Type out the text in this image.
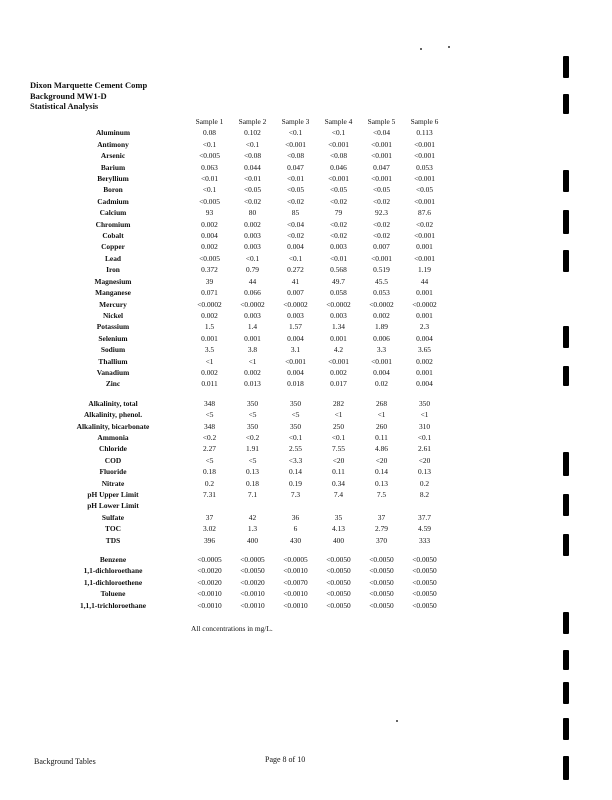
Dixon Marquette Cement Comp
Background MW1-D
Statistical Analysis
	Sample 1	Sample 2	Sample 3	Sample 4	Sample 5	Sample 6
Aluminum	0.08	0.102	<0.1	<0.1	<0.04	0.113
Antimony	<0.1	<0.1	<0.001	<0.001	<0.001	<0.001
Arsenic	<0.005	<0.08	<0.08	<0.08	<0.001	<0.001
Barium	0.063	0.044	0.047	0.046	0.047	0.053
Beryllium	<0.01	<0.01	<0.01	<0.001	<0.001	<0.001
Boron	<0.1	<0.05	<0.05	<0.05	<0.05	<0.05
Cadmium	<0.005	<0.02	<0.02	<0.02	<0.02	<0.001
Calcium	93	80	85	79	92.3	87.6
Chromium	0.002	0.002	<0.04	<0.02	<0.02	<0.02
Cobalt	0.004	0.003	<0.02	<0.02	<0.02	<0.001
Copper	0.002	0.003	0.004	0.003	0.007	0.001
Lead	<0.005	<0.1	<0.1	<0.01	<0.001	<0.001
Iron	0.372	0.79	0.272	0.568	0.519	1.19
Magnesium	39	44	41	49.7	45.5	44
Manganese	0.071	0.066	0.007	0.058	0.053	0.001
Mercury	<0.0002	<0.0002	<0.0002	<0.0002	<0.0002	<0.0002
Nickel	0.002	0.003	0.003	0.003	0.002	0.001
Potassium	1.5	1.4	1.57	1.34	1.89	2.3
Selenium	0.001	0.001	0.004	0.001	0.006	0.004
Sodium	3.5	3.8	3.1	4.2	3.3	3.65
Thallium	<1	<1	<0.001	<0.001	<0.001	0.002
Vanadium	0.002	0.002	0.004	0.002	0.004	0.001
Zinc	0.011	0.013	0.018	0.017	0.02	0.004

Alkalinity, total	348	350	350	282	268	350
Alkalinity, phenol.	<5	<5	<5	<1	<1	<1
Alkalinity, bicarbonate	348	350	350	250	260	310
Ammonia	<0.2	<0.2	<0.1	<0.1	0.11	<0.1
Chloride	2.27	1.91	2.55	7.55	4.86	2.61
COD	<5	<5	<3.3	<20	<20	<20
Fluoride	0.18	0.13	0.14	0.11	0.14	0.13
Nitrate	0.2	0.18	0.19	0.34	0.13	0.2
pH Upper Limit	7.31	7.1	7.3	7.4	7.5	8.2
pH Lower Limit						
Sulfate	37	42	36	35	37	37.7
TOC	3.02	1.3	6	4.13	2.79	4.59
TDS	396	400	430	400	370	333

Benzene	<0.0005	<0.0005	<0.0005	<0.0050	<0.0050	<0.0050
1,1-dichloroethane	<0.0020	<0.0050	<0.0010	<0.0050	<0.0050	<0.0050
1,1-dichloroethene	<0.0020	<0.0020	<0.0070	<0.0050	<0.0050	<0.0050
Toluene	<0.0010	<0.0010	<0.0010	<0.0050	<0.0050	<0.0050
1,1,1-trichloroethane	<0.0010	<0.0010	<0.0010	<0.0050	<0.0050	<0.0050
All concentrations in mg/L.
Background Tables	Page 8 of 10
